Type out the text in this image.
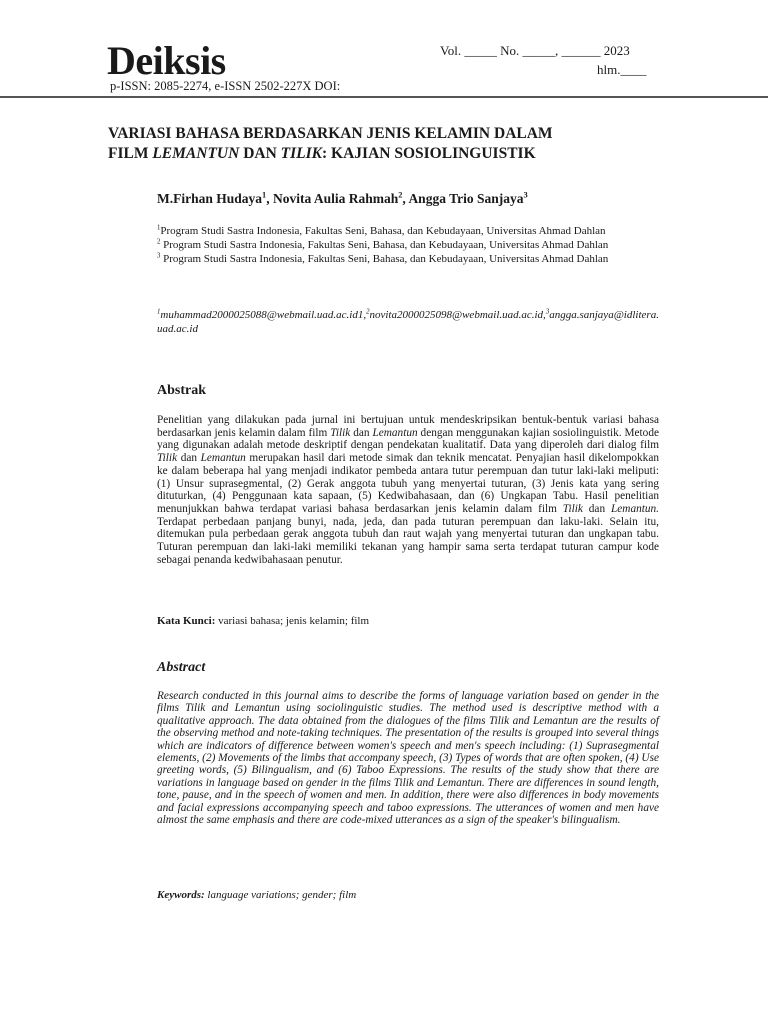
Deiksis
p-ISSN: 2085-2274, e-ISSN 2502-227X DOI:
Vol. _____ No. _____, ______ 2023
hlm.____
VARIASI BAHASA BERDASARKAN JENIS KELAMIN DALAM
FILM LEMANTUN DAN TILIK: KAJIAN SOSIOLINGUISTIK
M.Firhan Hudaya$^1$, Novita Aulia Rahmah$^2$, Angga Trio Sanjaya$^3$
$^1$Program Studi Sastra Indonesia, Fakultas Seni, Bahasa, dan Kebudayaan, Universitas Ahmad Dahlan
$^2$ Program Studi Sastra Indonesia, Fakultas Seni, Bahasa, dan Kebudayaan, Universitas Ahmad Dahlan
$^3$ Program Studi Sastra Indonesia, Fakultas Seni, Bahasa, dan Kebudayaan, Universitas Ahmad Dahlan
$^1$muhammad2000025088@webmail.uad.ac.id1,$^2$novita2000025098@webmail.uad.ac.id,$^3$angga.sanjaya@idlitera.uad.ac.id
Abstrak
Penelitian yang dilakukan pada jurnal ini bertujuan untuk mendeskripsikan bentuk-bentuk variasi bahasa berdasarkan jenis kelamin dalam film Tilik dan Lemantun dengan menggunakan kajian sosiolinguistik. Metode yang digunakan adalah metode deskriptif dengan pendekatan kualitatif. Data yang diperoleh dari dialog film Tilik dan Lemantun merupakan hasil dari metode simak dan teknik mencatat. Penyajian hasil dikelompokkan ke dalam beberapa hal yang menjadi indikator pembeda antara tutur perempuan dan tutur laki-laki meliputi: (1) Unsur suprasegmental, (2) Gerak anggota tubuh yang menyertai tuturan, (3) Jenis kata yang sering dituturkan, (4) Penggunaan kata sapaan, (5) Kedwibahasaan, dan (6) Ungkapan Tabu. Hasil penelitian menunjukkan bahwa terdapat variasi bahasa berdasarkan jenis kelamin dalam film Tilik dan Lemantun. Terdapat perbedaan panjang bunyi, nada, jeda, dan pada tuturan perempuan dan laku-laki. Selain itu, ditemukan pula perbedaan gerak anggota tubuh dan raut wajah yang menyertai tuturan dan ungkapan tabu. Tuturan perempuan dan laki-laki memiliki tekanan yang hampir sama serta terdapat tuturan campur kode sebagai penanda kedwibahasaan penutur.
Kata Kunci: variasi bahasa; jenis kelamin; film
Abstract
Research conducted in this journal aims to describe the forms of language variation based on gender in the films Tilik and Lemantun using sociolinguistic studies. The method used is descriptive method with a qualitative approach. The data obtained from the dialogues of the films Tilik and Lemantun are the results of the observing method and note-taking techniques. The presentation of the results is grouped into several things which are indicators of difference between women's speech and men's speech including: (1) Suprasegmental elements, (2) Movements of the limbs that accompany speech, (3) Types of words that are often spoken, (4) Use greeting words, (5) Bilingualism, and (6) Taboo Expressions. The results of the study show that there are variations in language based on gender in the films Tilik and Lemantun. There are differences in sound length, tone, pause, and in the speech of women and men. In addition, there were also differences in body movements and facial expressions accompanying speech and taboo expressions. The utterances of women and men have almost the same emphasis and there are code-mixed utterances as a sign of the speaker's bilingualism.
Keywords: language variations; gender; film
